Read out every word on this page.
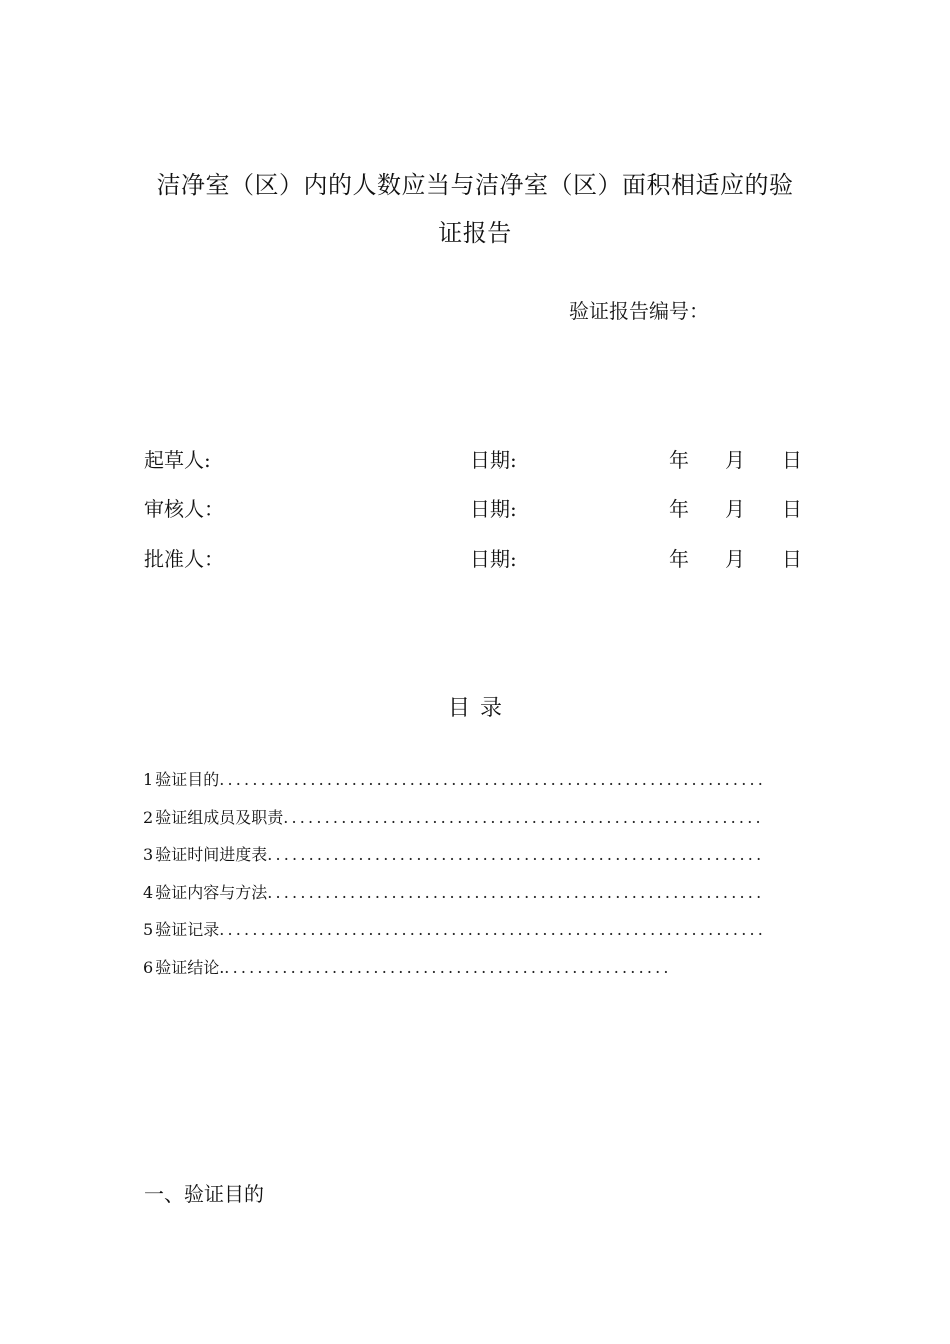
洁净室（区）内的人数应当与洁净室（区）面积相适应的验
证报告
验证报告编号：
起草人:	日期:	年 月 日
审核人：	日期:	年 月 日
批准人：	日期:	年 月 日
目录
1 验证目的..................................................................
2 验证组成员及职责..........................................................
3 验证时间进度表............................................................
4 验证内容与方法............................................................
5 验证记录..................................................................
6 验证结论.......................................................
一、验证目的
